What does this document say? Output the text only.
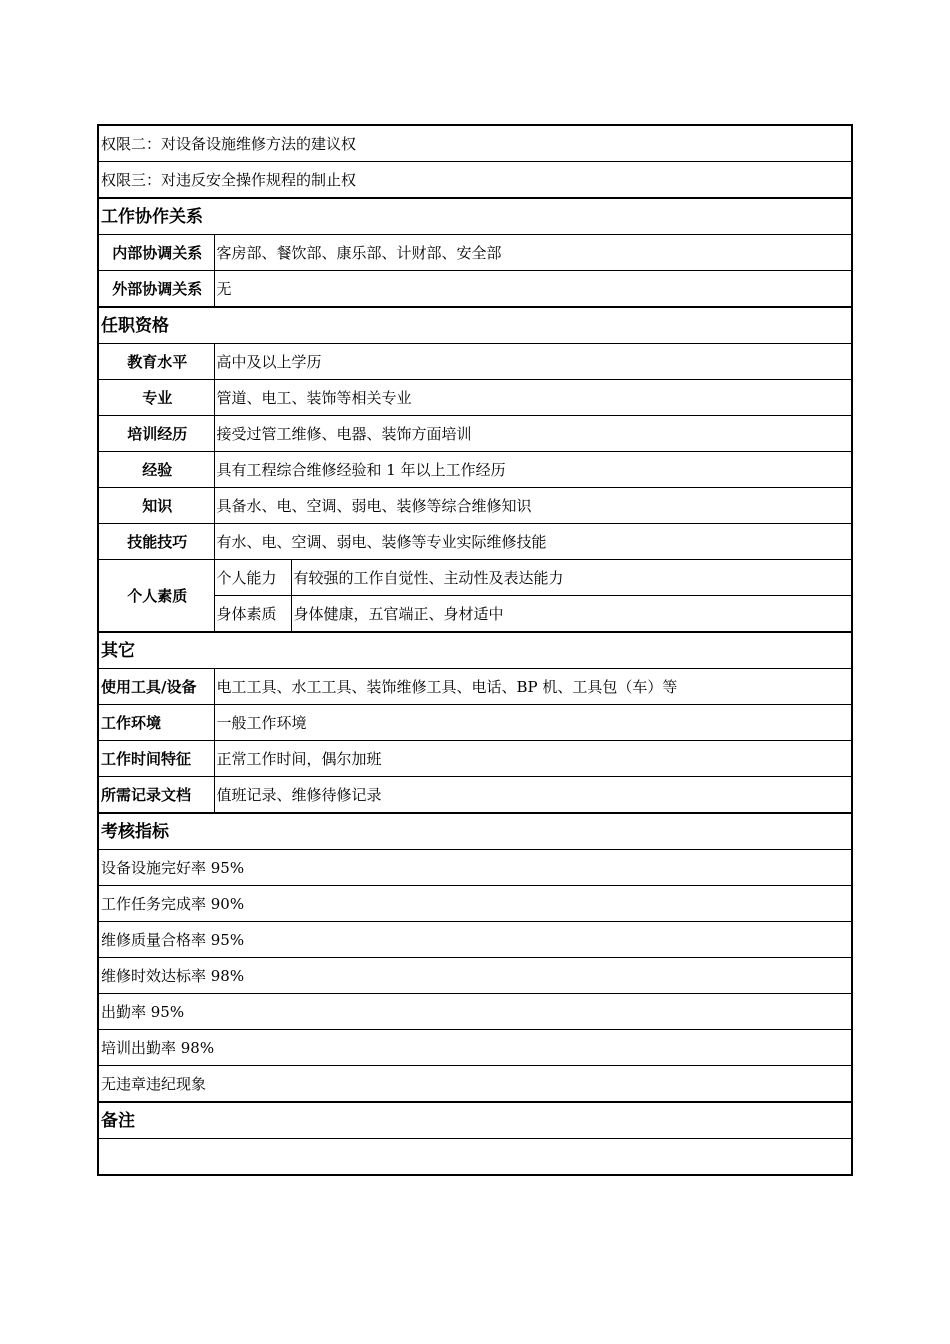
权限二：对设备设施维修方法的建议权		
权限三：对违反安全操作规程的制止权		
工作协作关系		
内部协调关系	客房部、餐饮部、康乐部、计财部、安全部	
外部协调关系	无	
任职资格		
教育水平	高中及以上学历	
专业	管道、电工、装饰等相关专业	
培训经历	接受过管工维修、电器、装饰方面培训	
经验	具有工程综合维修经验和 1 年以上工作经历	
知识	具备水、电、空调、弱电、装修等综合维修知识	
技能技巧	有水、电、空调、弱电、装修等专业实际维修技能	
个人素质	个人能力	有较强的工作自觉性、主动性及表达能力
	身体素质	身体健康，五官端正、身材适中
其它		
使用工具/设备	电工工具、水工工具、装饰维修工具、电话、BP 机、工具包（车）等	
工作环境	一般工作环境	
工作时间特征	正常工作时间，偶尔加班	
所需记录文档	值班记录、维修待修记录	
考核指标		
设备设施完好率 95%		
工作任务完成率 90%		
维修质量合格率 95%		
维修时效达标率 98%		
出勤率 95%		
培训出勤率 98%		
无违章违纪现象		
备注		
